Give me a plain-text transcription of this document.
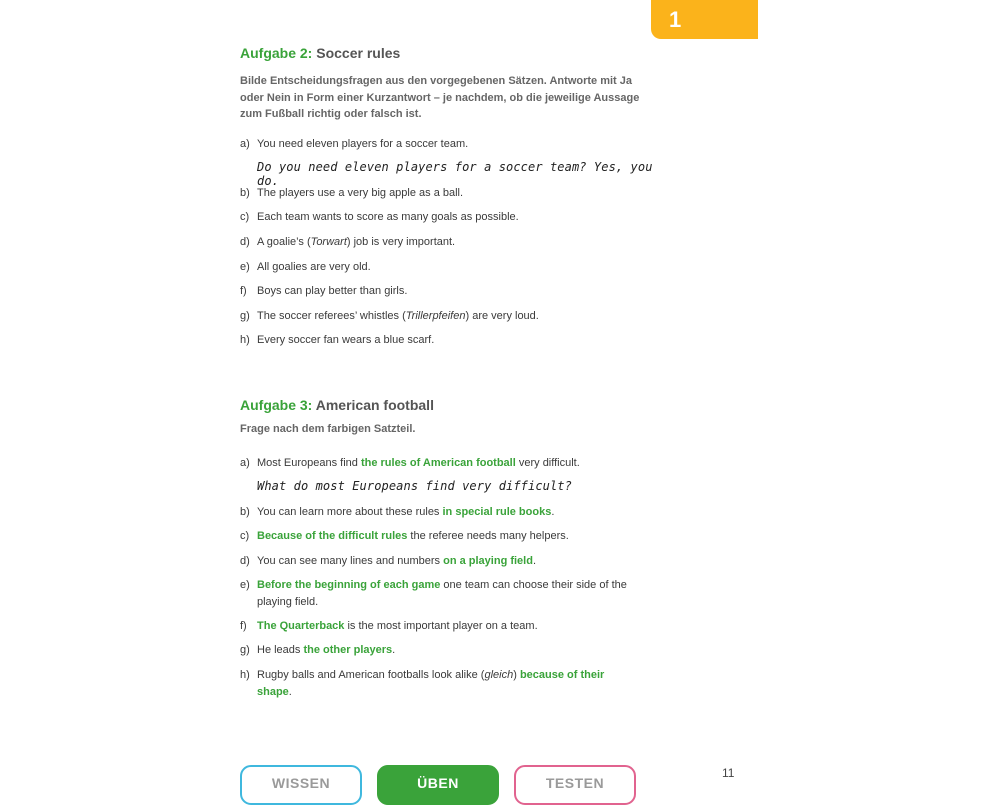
1
Aufgabe 2: Soccer rules

Bilde Entscheidungsfragen aus den vorgegebenen Sätzen. Antworte mit Ja oder Nein in Form einer Kurzantwort – je nachdem, ob die jeweilige Aussage zum Fußball richtig oder falsch ist.

a) You need eleven players for a soccer team.
Do you need eleven players for a soccer team? Yes, you do.
b) The players use a very big apple as a ball.
c) Each team wants to score as many goals as possible.
d) A goalie’s (Torwart) job is very important.
e) All goalies are very old.
f) Boys can play better than girls.
g) The soccer referees’ whistles (Trillerpfeifen) are very loud.
h) Every soccer fan wears a blue scarf.
Aufgabe 3: American football

Frage nach dem farbigen Satzteil.

a) Most Europeans find the rules of American football very difficult.
What do most Europeans find very difficult?
b) You can learn more about these rules in special rule books.
c) Because of the difficult rules the referee needs many helpers.
d) You can see many lines and numbers on a playing field.
e) Before the beginning of each game one team can choose their side of the playing field.
f) The Quarterback is the most important player on a team.
g) He leads the other players.
h) Rugby balls and American footballs look alike (gleich) because of their shape.
WISSEN	ÜBEN	TESTEN
11
